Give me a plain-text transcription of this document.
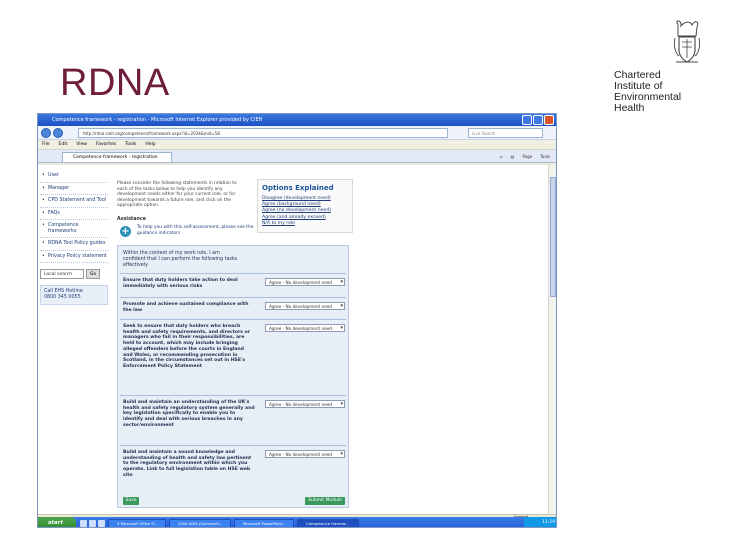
RDNA	Chartered
Institute of
Environmental
Health
Competence framework - registration - Microsoft Internet Explorer provided by CIEH
http://rdna.cieh.org/competence/framework.aspx?id=2034&mid=58	Live Search
File Edit View Favorites Tools Help
Competence framework - registration	⌂ ▤ Page Tools
• User
• Manager
• CPD Statement and Tool
• FAQs
• Competence frameworks
• RDNA Tool Policy guides
• Privacy Policy statement
Local search	Go
Call EHS Hotline
0800 345 0055
Please consider the following statements in relation to each of the tasks below to help you identify any development needs either for your current role, or for development towards a future role, and click on the appropriate option.
Assistance
+ To help you with this self-assessment, please see the guidance indicators
Options Explained
Disagree (development need)
Agree (background need)
Agree (no development need)
Agree (and already exceed)
N/A to my role
Within the context of my work role, I am confident that I can perform the following tasks effectively
Ensure that duty holders take action to deal immediately with serious risks
Agree - No development need ▾
Promote and achieve sustained compliance with the law
Agree - No development need ▾
Seek to ensure that duty holders who breach health and safety requirements, and directors or managers who fail in their responsibilities, are held to account, which may include bringing alleged offenders before the courts in England and Wales, or recommending prosecution in Scotland, in the circumstances set out in HSE's Enforcement Policy Statement
Agree - No development need ▾
Build and maintain an understanding of the UK's health and safety regulatory system generally and key legislation specifically to enable you to identify and deal with serious breaches in any sector/environment
Agree - No development need ▾
Build and maintain a sound knowledge and understanding of health and safety law pertinent to the regulatory environment within which you operate. Link to full legislation table on HSE web site
Agree - No development need ▾
Save	Submit Module
start	3 Microsoft Office O...	2008 AGM (Summerfi...	Microsoft PowerPoint...	Competence framew...	11:29
